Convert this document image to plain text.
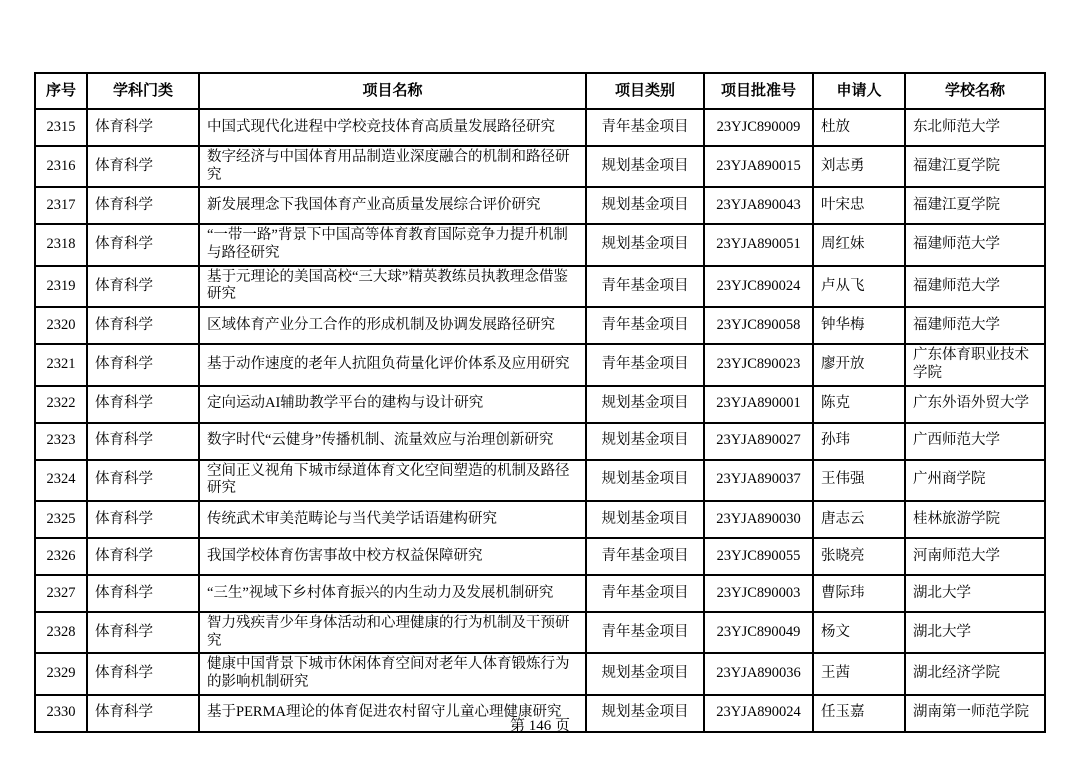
序号	学科门类	项目名称	项目类别	项目批准号	申请人	学校名称
2315	体育科学	中国式现代化进程中学校竞技体育高质量发展路径研究	青年基金项目	23YJC890009	杜放	东北师范大学
2316	体育科学	数字经济与中国体育用品制造业深度融合的机制和路径研究	规划基金项目	23YJA890015	刘志勇	福建江夏学院
2317	体育科学	新发展理念下我国体育产业高质量发展综合评价研究	规划基金项目	23YJA890043	叶宋忠	福建江夏学院
2318	体育科学	“一带一路”背景下中国高等体育教育国际竞争力提升机制与路径研究	规划基金项目	23YJA890051	周红妹	福建师范大学
2319	体育科学	基于元理论的美国高校“三大球”精英教练员执教理念借鉴研究	青年基金项目	23YJC890024	卢从飞	福建师范大学
2320	体育科学	区域体育产业分工合作的形成机制及协调发展路径研究	青年基金项目	23YJC890058	钟华梅	福建师范大学
2321	体育科学	基于动作速度的老年人抗阻负荷量化评价体系及应用研究	青年基金项目	23YJC890023	廖开放	广东体育职业技术学院
2322	体育科学	定向运动AI辅助教学平台的建构与设计研究	规划基金项目	23YJA890001	陈克	广东外语外贸大学
2323	体育科学	数字时代“云健身”传播机制、流量效应与治理创新研究	规划基金项目	23YJA890027	孙玮	广西师范大学
2324	体育科学	空间正义视角下城市绿道体育文化空间塑造的机制及路径研究	规划基金项目	23YJA890037	王伟强	广州商学院
2325	体育科学	传统武术审美范畴论与当代美学话语建构研究	规划基金项目	23YJA890030	唐志云	桂林旅游学院
2326	体育科学	我国学校体育伤害事故中校方权益保障研究	青年基金项目	23YJC890055	张晓亮	河南师范大学
2327	体育科学	“三生”视域下乡村体育振兴的内生动力及发展机制研究	青年基金项目	23YJC890003	曹际玮	湖北大学
2328	体育科学	智力残疾青少年身体活动和心理健康的行为机制及干预研究	青年基金项目	23YJC890049	杨文	湖北大学
2329	体育科学	健康中国背景下城市休闲体育空间对老年人体育锻炼行为的影响机制研究	规划基金项目	23YJA890036	王茜	湖北经济学院
2330	体育科学	基于PERMA理论的体育促进农村留守儿童心理健康研究	规划基金项目	23YJA890024	任玉嘉	湖南第一师范学院
第 146 页
